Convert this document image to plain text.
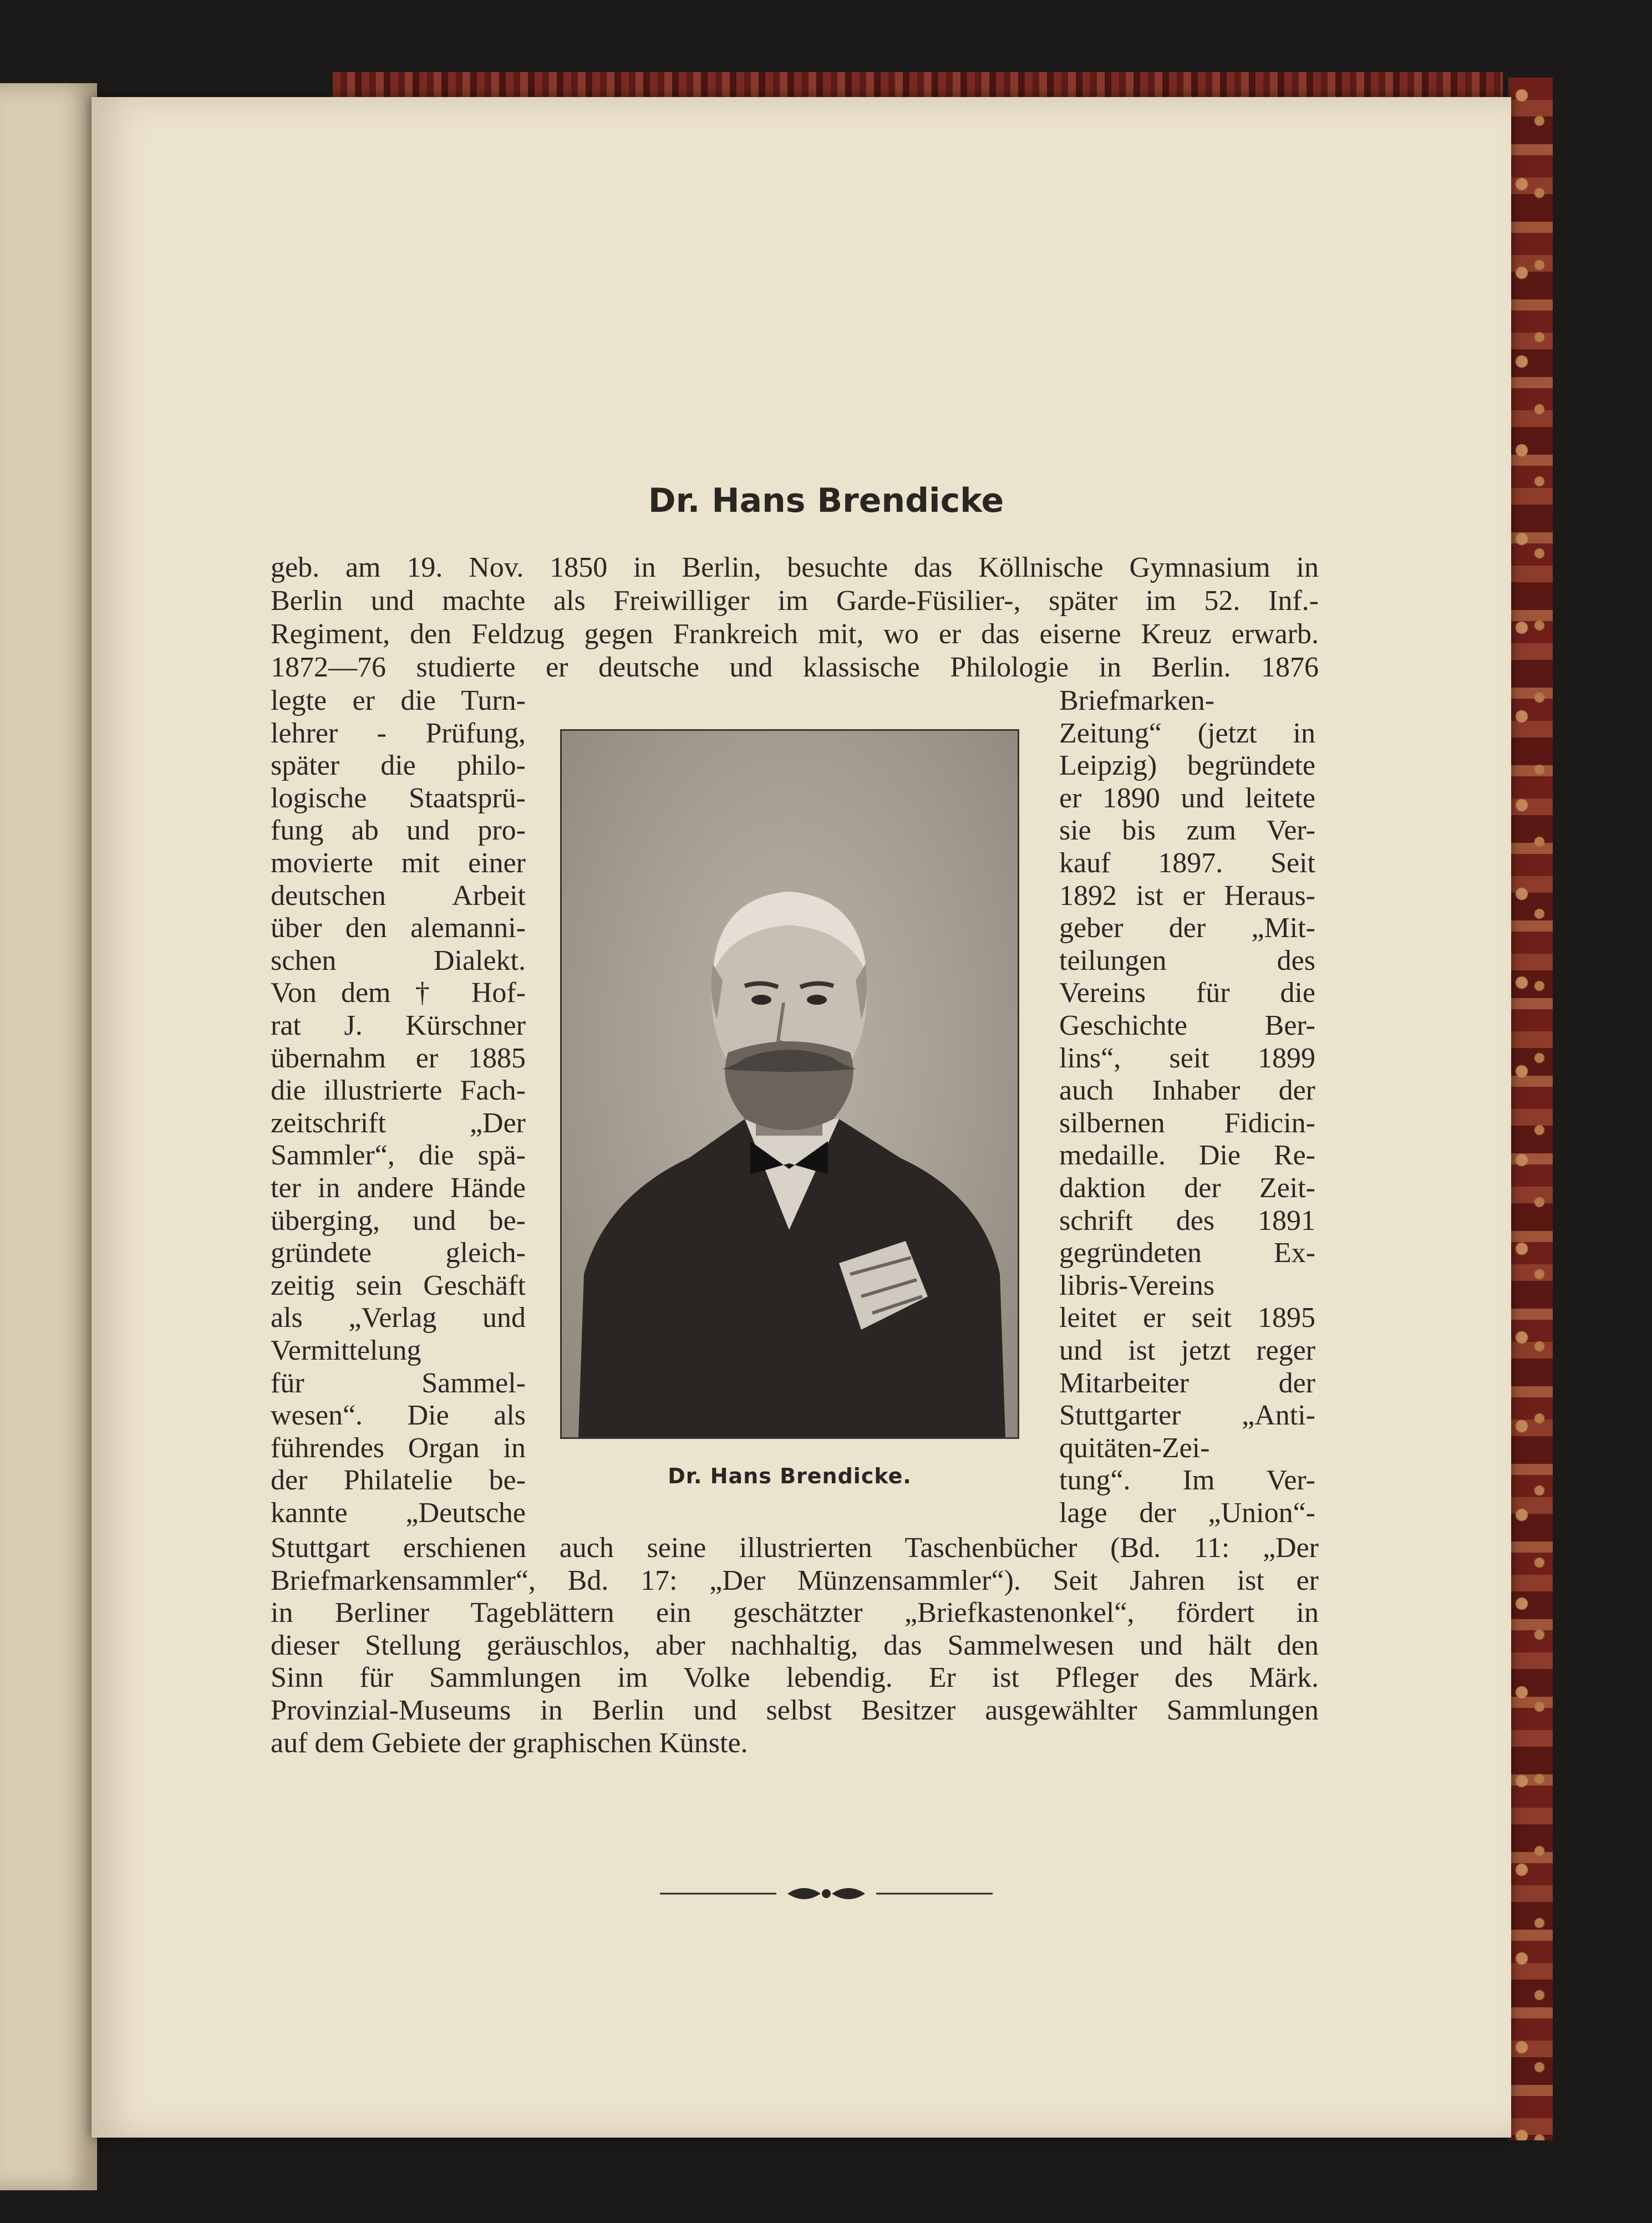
Dr. Hans Brendicke

geb. am 19. Nov. 1850 in Berlin, besuchte das Köllnische Gymnasium in

Berlin und machte als Freiwilliger im Garde-Füsilier-, später im 52. Inf.-

Regiment, den Feldzug gegen Frankreich mit, wo er das eiserne Kreuz erwarb.

1872—76 studierte er deutsche und klassische Philologie in Berlin. 1876

legte er die Turn-

lehrer - Prüfung,

später die philo-

logische Staatsprü-

fung ab und pro-

movierte mit einer

deutschen Arbeit

über den alemanni-

schen Dialekt.

Von dem † Hof-

rat J. Kürschner

übernahm er 1885

die illustrierte Fach-

zeitschrift „Der

Sammler“, die spä-

ter in andere Hände

überging, und be-

gründete gleich-

zeitig sein Geschäft

als „Verlag und

Vermittelung

für Sammel-

wesen“. Die als

führendes Organ in

der Philatelie be-

kannte „Deutsche

Briefmarken-

Zeitung“ (jetzt in

Leipzig) begründete

er 1890 und leitete

sie bis zum Ver-

kauf 1897. Seit

1892 ist er Heraus-

geber der „Mit-

teilungen des

Vereins für die

Geschichte Ber-

lins“, seit 1899

auch Inhaber der

silbernen Fidicin-

medaille. Die Re-

daktion der Zeit-

schrift des 1891

gegründeten Ex-

libris-Vereins

leitet er seit 1895

und ist jetzt reger

Mitarbeiter der

Stuttgarter „Anti-

quitäten-Zei-

tung“. Im Ver-

lage der „Union“-

Dr. Hans Brendicke.

Stuttgart erschienen auch seine illustrierten Taschenbücher (Bd. 11: „Der

Briefmarkensammler“, Bd. 17: „Der Münzensammler“). Seit Jahren ist er

in Berliner Tageblättern ein geschätzter „Briefkastenonkel“, fördert in

dieser Stellung geräuschlos, aber nachhaltig, das Sammelwesen und hält den

Sinn für Sammlungen im Volke lebendig. Er ist Pfleger des Märk.

Provinzial-Museums in Berlin und selbst Besitzer ausgewählter Sammlungen

auf dem Gebiete der graphischen Künste.
